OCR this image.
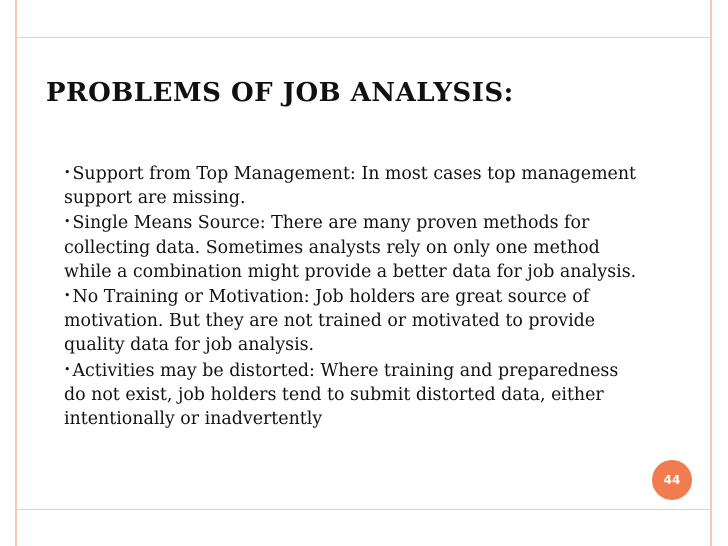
PROBLEMS OF JOB ANALYSIS:
• Support from Top Management: In most cases top management support are missing.
• Single Means Source: There are many proven methods for collecting data. Sometimes analysts rely on only one method while a combination might provide a better data for job analysis.
• No Training or Motivation: Job holders are great source of motivation. But they are not trained or motivated to provide quality data for job analysis.
• Activities may be distorted: Where training and preparedness do not exist, job holders tend to submit distorted data, either intentionally or inadvertently
44
